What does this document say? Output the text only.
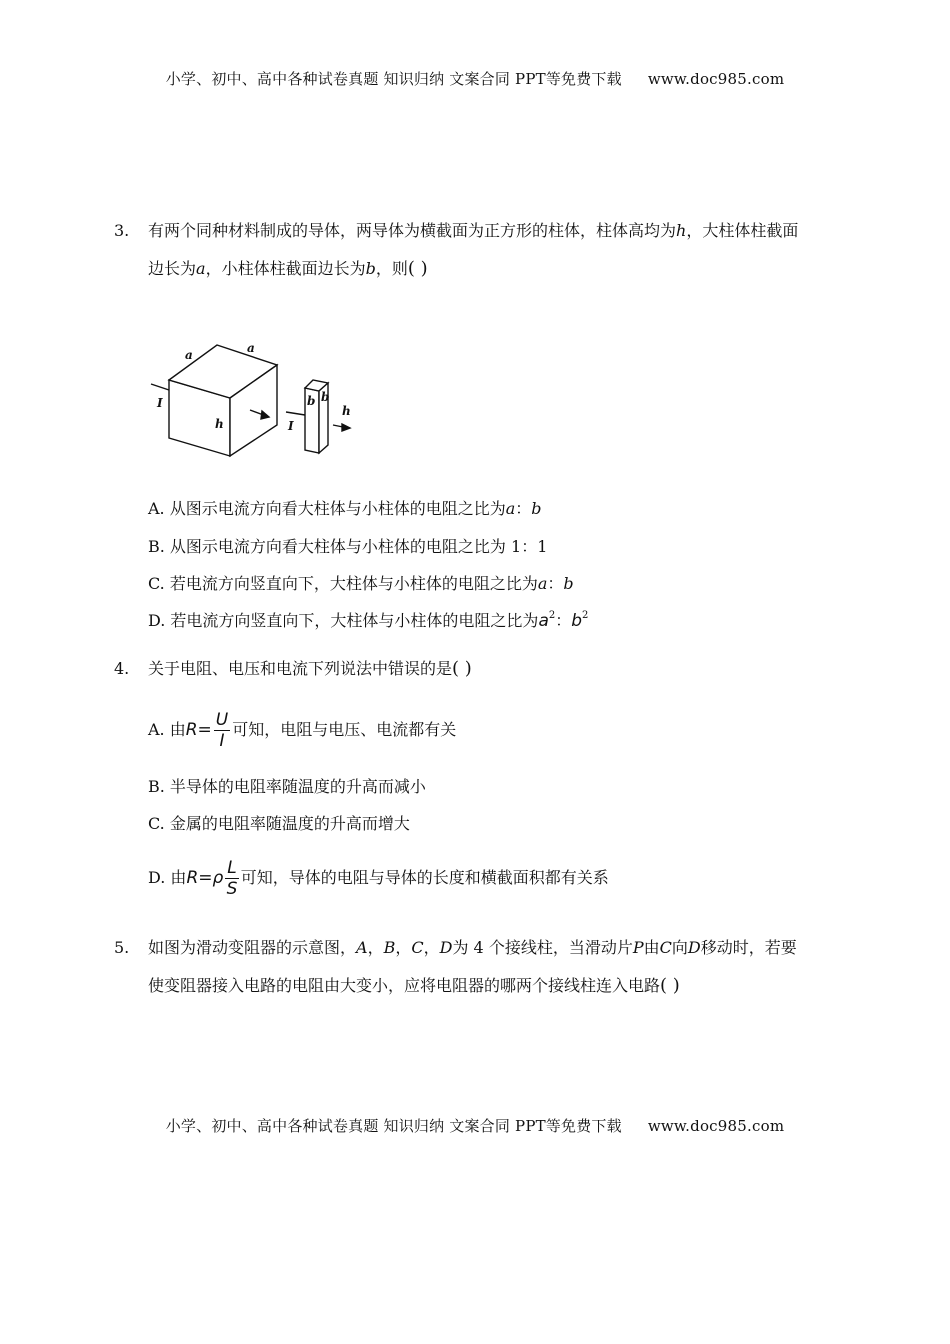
小学、初中、高中各种试卷真题 知识归纳 文案合同 PPT等免费下载 www.doc985.com
3. 有两个同种材料制成的导体，两导体为横截面为正方形的柱体，柱体高均为h，大柱体柱截面
边长为a，小柱体柱截面边长为b，则( )
a	a
h
I	b b
h
I
A. 从图示电流方向看大柱体与小柱体的电阻之比为a：b
B. 从图示电流方向看大柱体与小柱体的电阻之比为 1：1
C. 若电流方向竖直向下，大柱体与小柱体的电阻之比为a：b
D. 若电流方向竖直向下，大柱体与小柱体的电阻之比为$a^2$：$b^2$
4. 关于电阻、电压和电流下列说法中错误的是( )
A. 由$R= \frac{U}{I}$ 可知，电阻与电压、电流都有关
B. 半导体的电阻率随温度的升高而减小
C. 金属的电阻率随温度的升高而增大
D. 由$R=\rho \frac{L}{S}$ 可知，导体的电阻与导体的长度和横截面积都有关系
5. 如图为滑动变阻器的示意图，A，B，C，D为 4 个接线柱，当滑动片P由C向D移动时，若要
使变阻器接入电路的电阻由大变小，应将电阻器的哪两个接线柱连入电路( )
小学、初中、高中各种试卷真题 知识归纳 文案合同 PPT等免费下载 www.doc985.com
